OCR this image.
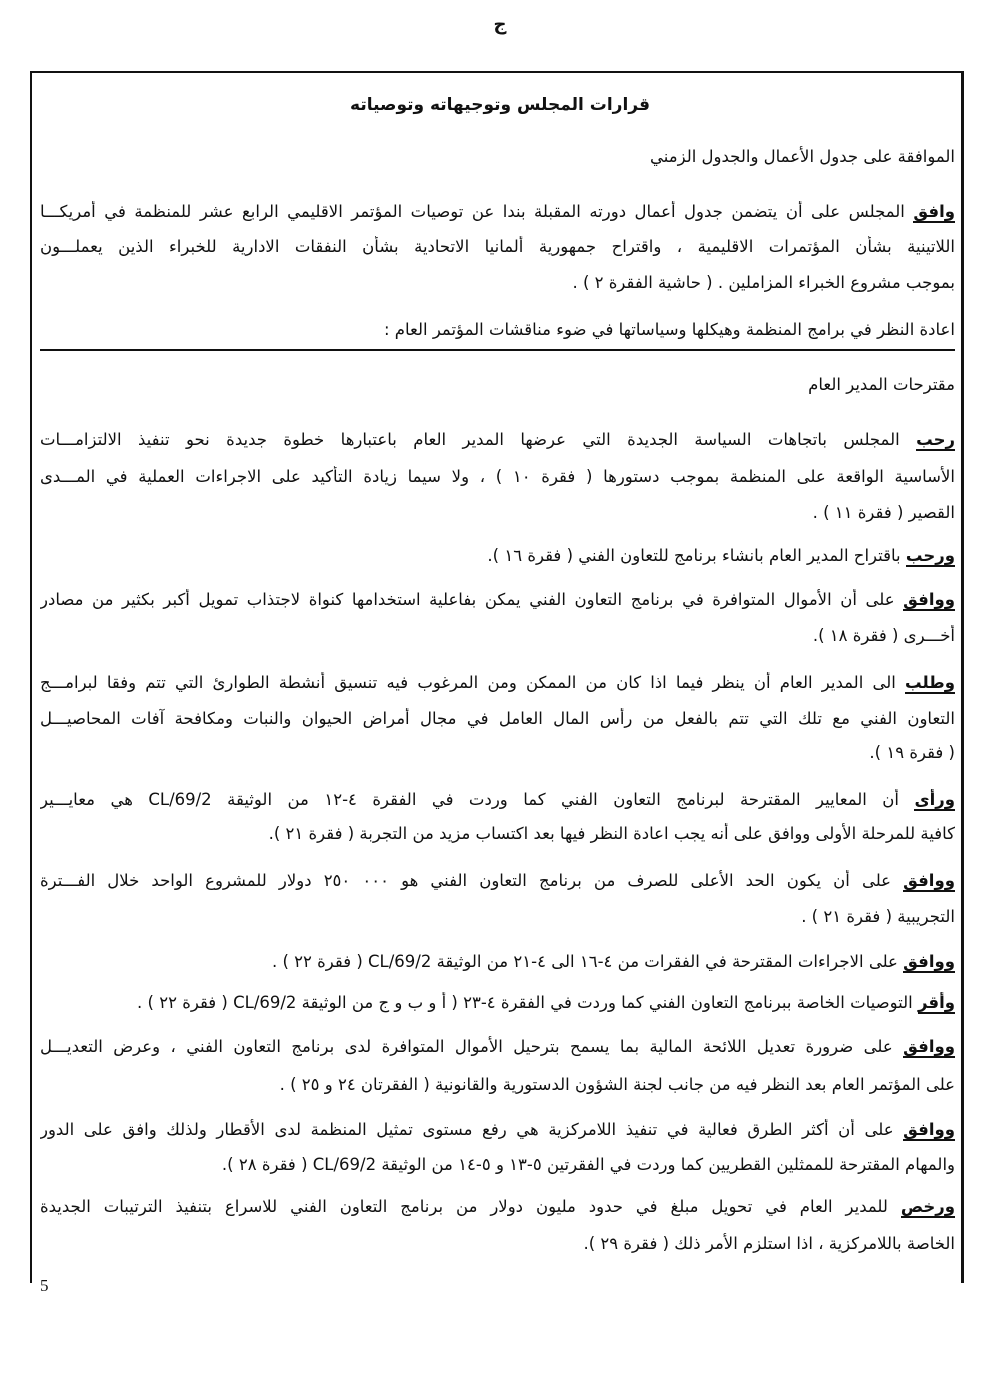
ج
قرارات المجلس وتوجيهاته وتوصياته
الموافقة على جدول الأعمال والجدول الزمني
وافق المجلس على أن يتضمن جدول أعمال دورته المقبلة بندا عن توصيات المؤتمر الاقليمي الرابع عشر للمنظمة في أمريكـــا
اللاتينية بشأن المؤتمرات الاقليمية ، واقتراح جمهورية ألمانيا الاتحادية بشأن النفقات الادارية للخبراء الذين يعملـــون
بموجب مشروع الخبراء المزاملين . ( حاشية الفقرة ٢ ) .
رحب المجلس باتجاهات السياسة الجديدة التي عرضها المدير العام باعتبارها خطوة جديدة نحو تنفيذ الالتزامـــات
الأساسية الواقعة على المنظمة بموجب دستورها ( فقرة ١٠ ) ، ولا سيما زيادة التأكيد على الاجراءات العملية في المـــدى
القصير ( فقرة ١١ ) .
ورحب باقتراح المدير العام بانشاء برنامج للتعاون الفني ( فقرة ١٦ ).
ووافق على أن الأموال المتوافرة في برنامج التعاون الفني يمكن بفاعلية استخدامها كنواة لاجتذاب تمويل أكبر بكثير من مصادر
أخـــرى ( فقرة ١٨ ).
وطلب الى المدير العام أن ينظر فيما اذا كان من الممكن ومن المرغوب فيه تنسيق أنشطة الطوارئ التي تتم وفقا لبرامـــج
التعاون الفني مع تلك التي تتم بالفعل من رأس المال العامل في مجال أمراض الحيوان والنبات ومكافحة آفات المحاصيـــل
( فقرة ١٩ ).
ورأى أن المعايير المقترحة لبرنامج التعاون الفني كما وردت في الفقرة ٤-١٢ من الوثيقة CL/69/2 هي معايـــير
كافية للمرحلة الأولى ووافق على أنه يجب اعادة النظر فيها بعد اكتساب مزيد من التجربة ( فقرة ٢١ ).
ووافق على أن يكون الحد الأعلى للصرف من برنامج التعاون الفني هو ٠٠٠ ٢٥٠ دولار للمشروع الواحد خلال الفـــترة
التجريبية ( فقرة ٢١ ) .
ووافق على الاجراءات المقترحة في الفقرات من ٤-١٦ الى ٤-٢١ من الوثيقة CL/69/2 ( فقرة ٢٢ ) .
وأقر التوصيات الخاصة ببرنامج التعاون الفني كما وردت في الفقرة ٤-٢٣ ( أ و ب و ج من الوثيقة CL/69/2 ( فقرة ٢٢ ) .
ووافق على ضرورة تعديل اللائحة المالية بما يسمح بترحيل الأموال المتوافرة لدى برنامج التعاون الفني ، وعرض التعديـــل
على المؤتمر العام بعد النظر فيه من جانب لجنة الشؤون الدستورية والقانونية ( الفقرتان ٢٤ و ٢٥ ) .
ووافق على أن أكثر الطرق فعالية في تنفيذ اللامركزية هي رفع مستوى تمثيل المنظمة لدى الأقطار ولذلك وافق على الدور
والمهام المقترحة للممثلين القطريين كما وردت في الفقرتين ٥-١٣ و ٥-١٤ من الوثيقة CL/69/2 ( فقرة ٢٨ ).
ورخص للمدير العام في تحويل مبلغ في حدود مليون دولار من برنامج التعاون الفني للاسراع بتنفيذ الترتيبات الجديدة
الخاصة باللامركزية ، اذا استلزم الأمر ذلك ( فقرة ٢٩ ).
اعادة النظر في برامج المنظمة وهيكلها وسياساتها في ضوء مناقشات المؤتمر العام :
مقترحات المدير العام
5
